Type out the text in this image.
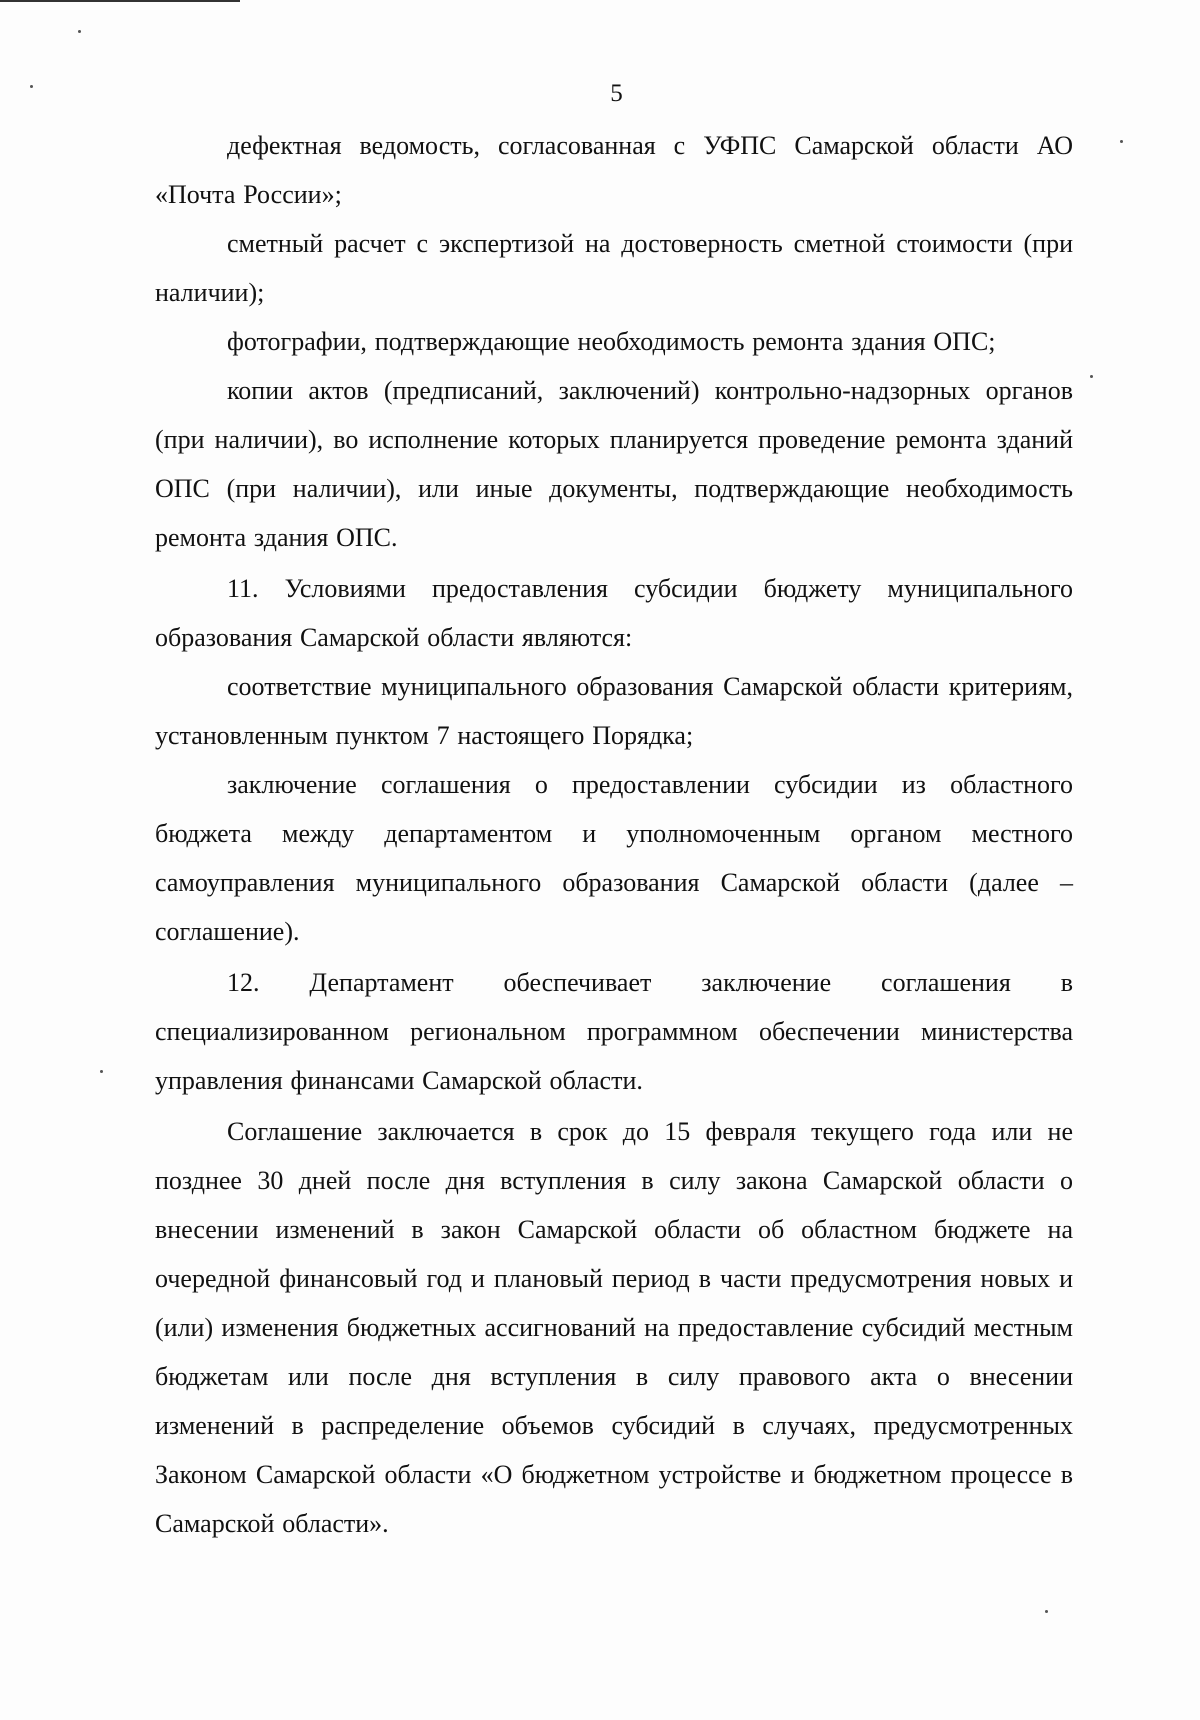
5

дефектная ведомость, согласованная с УФПС Самарской области АО «Почта России»;

сметный расчет с экспертизой на достоверность сметной стоимости (при наличии);

фотографии, подтверждающие необходимость ремонта здания ОПС;

копии актов (предписаний, заключений) контрольно-надзорных органов (при наличии), во исполнение которых планируется проведение ремонта зданий ОПС (при наличии), или иные документы, подтверждающие необходимость ремонта здания ОПС.

11. Условиями предоставления субсидии бюджету муниципального образования Самарской области являются:

соответствие муниципального образования Самарской области критериям, установленным пунктом 7 настоящего Порядка;

заключение соглашения о предоставлении субсидии из областного бюджета между департаментом и уполномоченным органом местного самоуправления муниципального образования Самарской области (далее – соглашение).

12. Департамент обеспечивает заключение соглашения в специализированном региональном программном обеспечении министерства управления финансами Самарской области.

Соглашение заключается в срок до 15 февраля текущего года или не позднее 30 дней после дня вступления в силу закона Самарской области о внесении изменений в закон Самарской области об областном бюджете на очередной финансовый год и плановый период в части предусмотрения новых и (или) изменения бюджетных ассигнований на предоставление субсидий местным бюджетам или после дня вступления в силу правового акта о внесении изменений в распределение объемов субсидий в случаях, предусмотренных Законом Самарской области «О бюджетном устройстве и бюджетном процессе в Самарской области».
